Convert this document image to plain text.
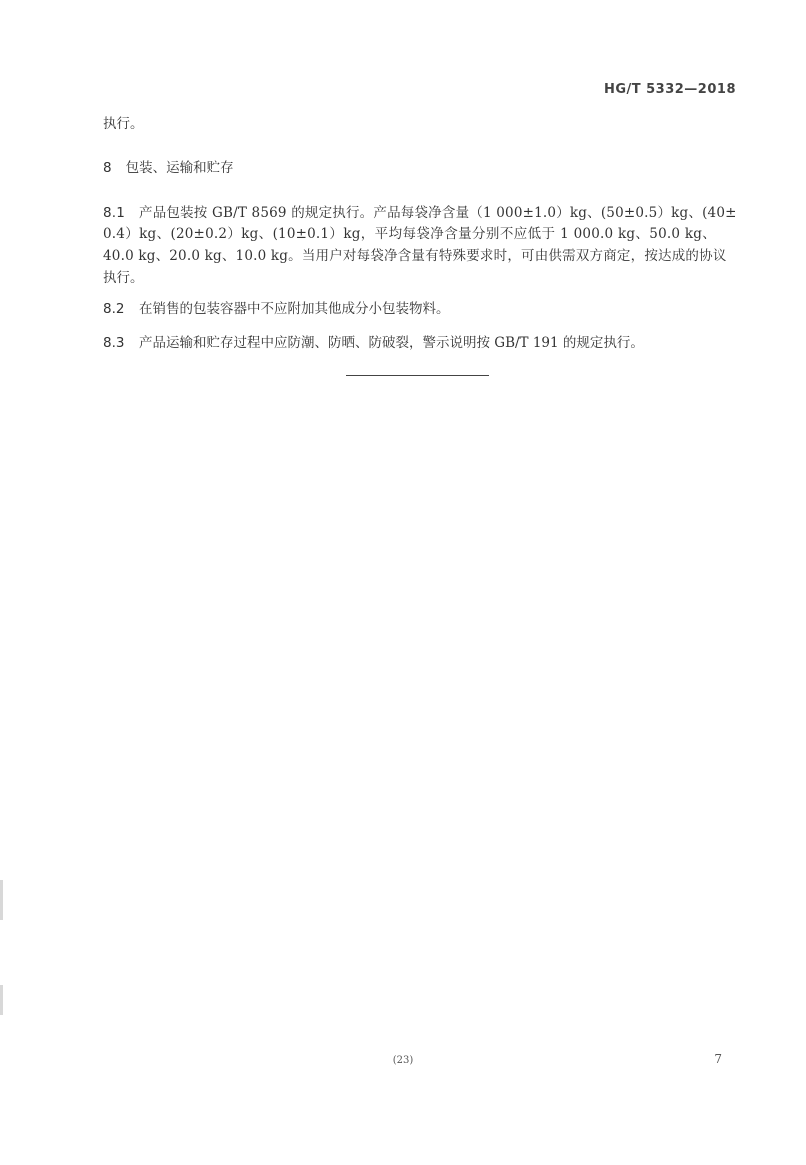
HG/T 5332—2018
执行。
8 包装、运输和贮存
8.1 产品包装按 GB/T 8569 的规定执行。产品每袋净含量（1 000±1.0）kg、(50±0.5）kg、(40±
0.4）kg、(20±0.2）kg、(10±0.1）kg，平均每袋净含量分别不应低于 1 000.0 kg、50.0 kg、
40.0 kg、20.0 kg、10.0 kg。当用户对每袋净含量有特殊要求时，可由供需双方商定，按达成的协议
执行。
8.2 在销售的包装容器中不应附加其他成分小包装物料。
8.3 产品运输和贮存过程中应防潮、防晒、防破裂，警示说明按 GB/T 191 的规定执行。
(23)	7
